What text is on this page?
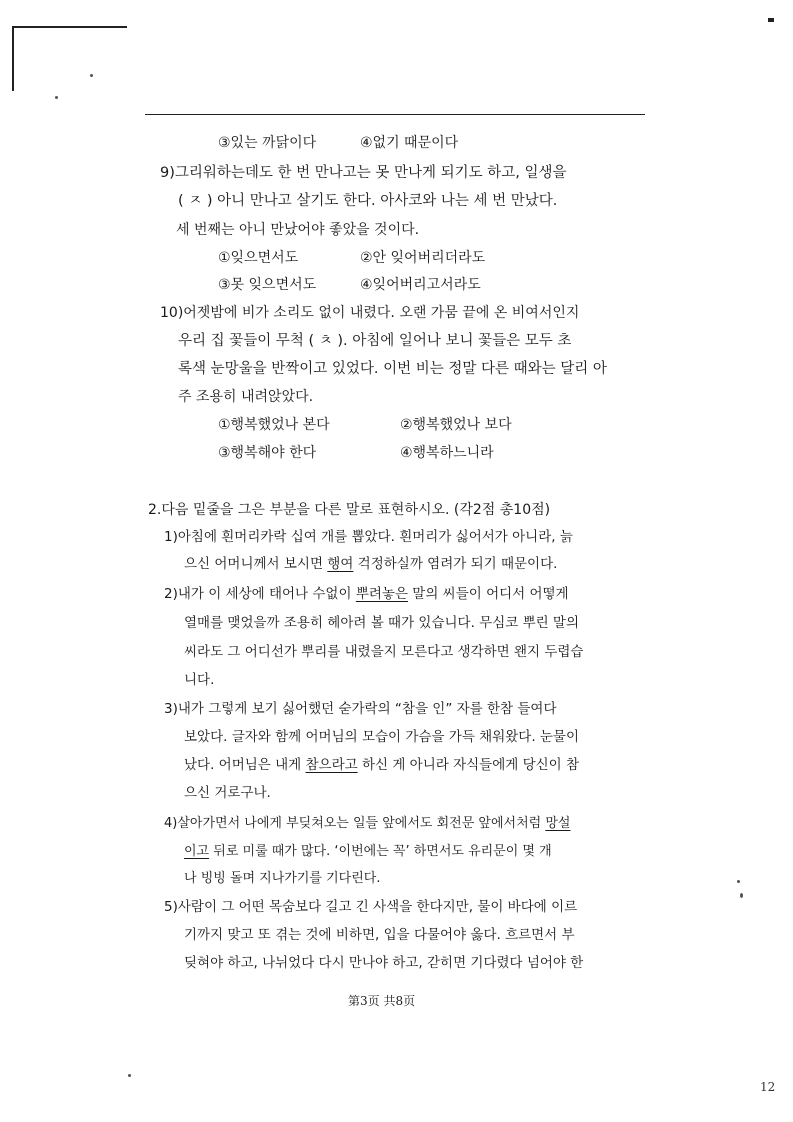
③있는 까닭이다	④없기 때문이다
9)그리워하는데도 한 번 만나고는 못 만나게 되기도 하고, 일생을
( ㅈ ) 아니 만나고 살기도 한다. 아사코와 나는 세 번 만났다.
세 번째는 아니 만났어야 좋았을 것이다.
①잊으면서도	②안 잊어버리더라도
③못 잊으면서도	④잊어버리고서라도
10)어젯밤에 비가 소리도 없이 내렸다. 오랜 가뭄 끝에 온 비여서인지
우리 집 꽃들이 무척 ( ㅊ ). 아침에 일어나 보니 꽃들은 모두 초
록색 눈망울을 반짝이고 있었다. 이번 비는 정말 다른 때와는 달리 아
주 조용히 내려앉았다.
①행복했었나 본다	②행복했었나 보다
③행복해야 한다	④행복하느니라
2.다음 밑줄을 그은 부분을 다른 말로 표현하시오. (각2점 총10점)
1)아침에 흰머리카락 십여 개를 뽑았다. 흰머리가 싫어서가 아니라, 늙
으신 어머니께서 보시면 행여 걱정하실까 염려가 되기 때문이다.
2)내가 이 세상에 태어나 수없이 뿌려놓은 말의 씨들이 어디서 어떻게
열매를 맺었을까 조용히 헤아려 볼 때가 있습니다. 무심코 뿌린 말의
씨라도 그 어디선가 뿌리를 내렸을지 모른다고 생각하면 왠지 두렵습
니다.
3)내가 그렇게 보기 싫어했던 숟가락의 “참을 인” 자를 한참 들여다
보았다. 글자와 함께 어머님의 모습이 가슴을 가득 채워왔다. 눈물이
났다. 어머님은 내게 참으라고 하신 게 아니라 자식들에게 당신이 참
으신 거로구나.
4)살아가면서 나에게 부딪쳐오는 일들 앞에서도 회전문 앞에서처럼 망설
이고 뒤로 미룰 때가 많다. ‘이번에는 꼭’ 하면서도 유리문이 몇 개
나 빙빙 돌며 지나가기를 기다린다.
5)사람이 그 어떤 목숨보다 길고 긴 사색을 한다지만, 물이 바다에 이르
기까지 맞고 또 겪는 것에 비하면, 입을 다물어야 옳다. 흐르면서 부
딪혀야 하고, 나뉘었다 다시 만나야 하고, 갇히면 기다렸다 넘어야 한
第3页 共8页
12
